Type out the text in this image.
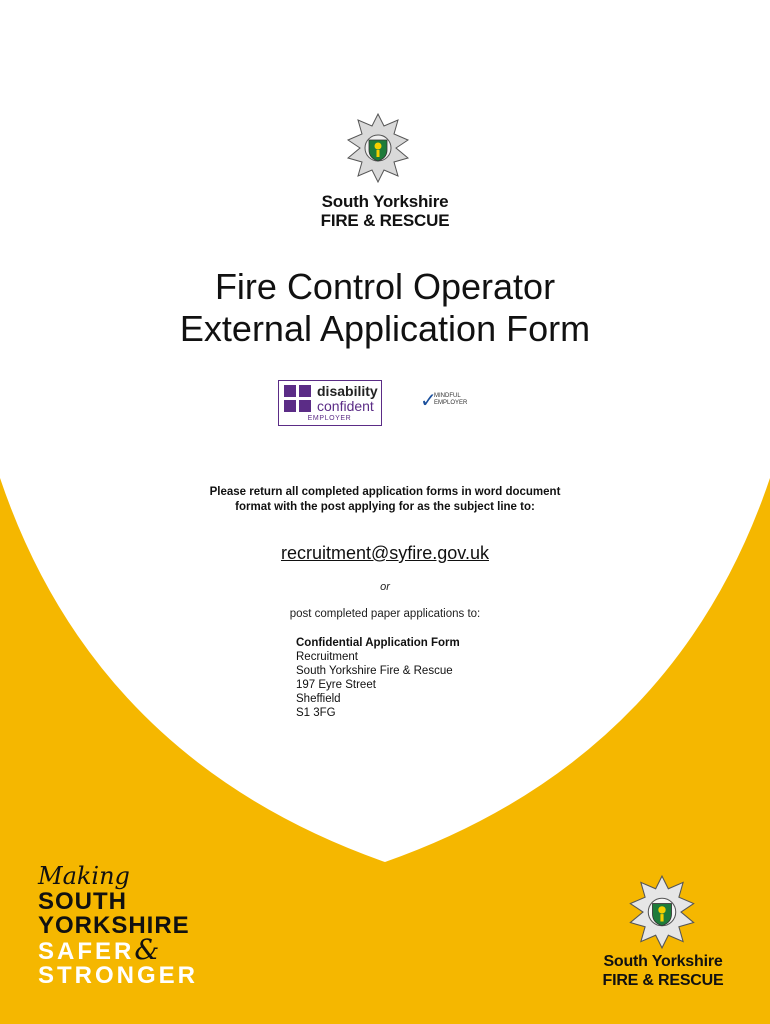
South Yorkshire
FIRE & RESCUE
Fire Control Operator
External Application Form
disability
confident
EMPLOYER
✓
MINDFUL
EMPLOYER

Please return all completed application forms in word document format with the post applying for as the subject line to:

recruitment@syfire.gov.uk
or
post completed paper applications to:
Confidential Application Form
Recruitment
South Yorkshire Fire & Rescue
197 Eyre Street
Sheffield
S1 3FG
Making
SOUTH
YORKSHIRE
SAFER&
STRONGER
South Yorkshire
FIRE & RESCUE
